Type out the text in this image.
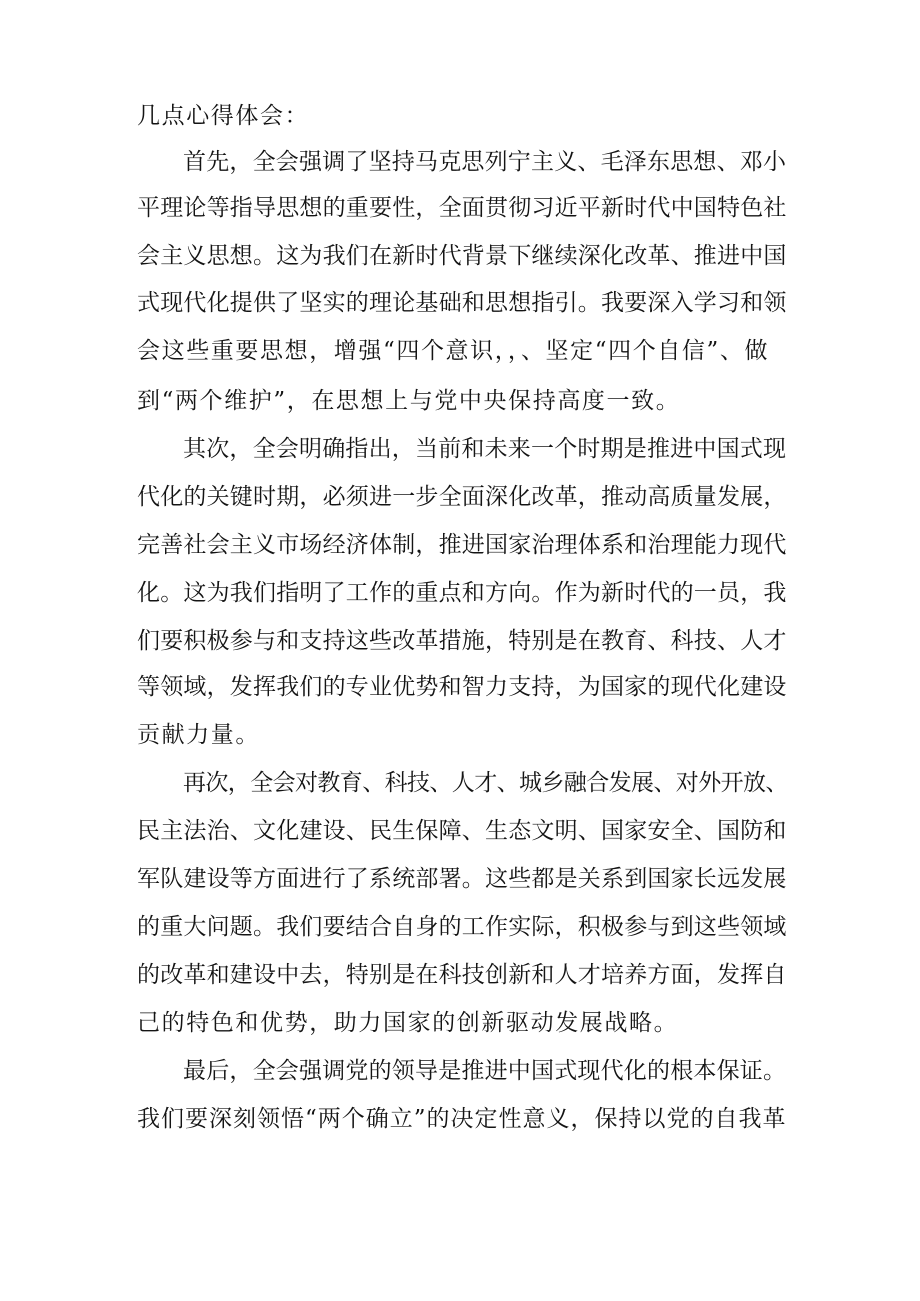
几点心得体会：
首先，全会强调了坚持马克思列宁主义、毛泽东思想、邓小
平理论等指导思想的重要性，全面贯彻习近平新时代中国特色社
会主义思想。这为我们在新时代背景下继续深化改革、推进中国
式现代化提供了坚实的理论基础和思想指引。我要深入学习和领
会这些重要思想，增强“四个意识，，、坚定“四个自信”、做
到“两个维护”，在思想上与党中央保持高度一致。
其次，全会明确指出，当前和未来一个时期是推进中国式现
代化的关键时期，必须进一步全面深化改革，推动高质量发展，
完善社会主义市场经济体制，推进国家治理体系和治理能力现代
化。这为我们指明了工作的重点和方向。作为新时代的一员，我
们要积极参与和支持这些改革措施，特别是在教育、科技、人才
等领域，发挥我们的专业优势和智力支持，为国家的现代化建设
贡献力量。
再次，全会对教育、科技、人才、城乡融合发展、对外开放、
民主法治、文化建设、民生保障、生态文明、国家安全、国防和
军队建设等方面进行了系统部署。这些都是关系到国家长远发展
的重大问题。我们要结合自身的工作实际，积极参与到这些领域
的改革和建设中去，特别是在科技创新和人才培养方面，发挥自
己的特色和优势，助力国家的创新驱动发展战略。
最后，全会强调党的领导是推进中国式现代化的根本保证。
我们要深刻领悟“两个确立”的决定性意义，保持以党的自我革
